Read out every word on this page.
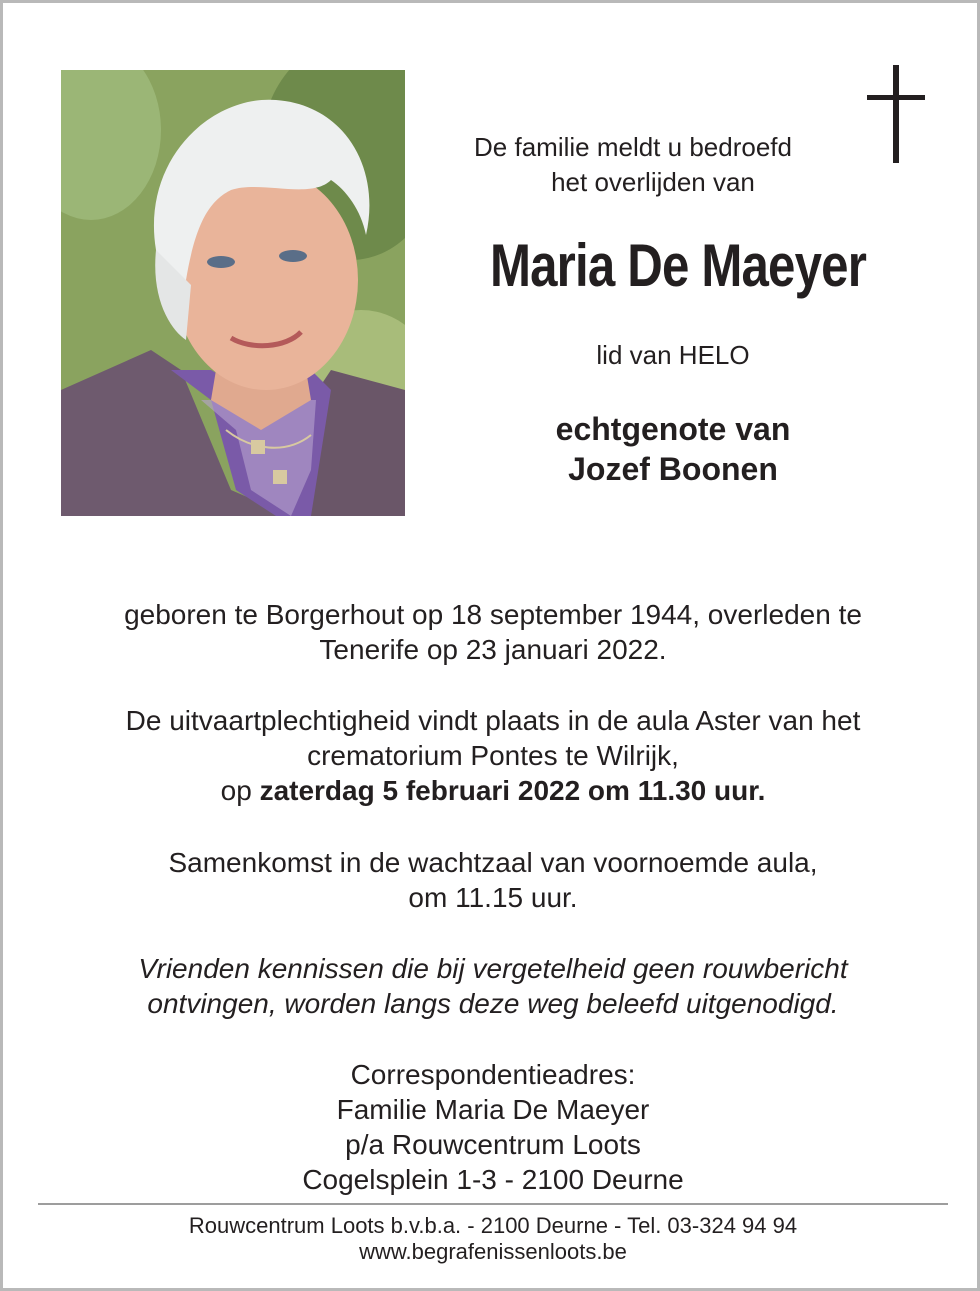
De familie meldt u bedroefd
het overlijden van
Maria De Maeyer
lid van HELO
echtgenote van
Jozef Boonen
geboren te Borgerhout op 18 september 1944, overleden te
Tenerife op 23 januari 2022.
De uitvaartplechtigheid vindt plaats in de aula Aster van het
crematorium Pontes te Wilrijk,
op zaterdag 5 februari 2022 om 11.30 uur.
Samenkomst in de wachtzaal van voornoemde aula,
om 11.15 uur.
Vrienden kennissen die bij vergetelheid geen rouwbericht
ontvingen, worden langs deze weg beleefd uitgenodigd.
Correspondentieadres:
Familie Maria De Maeyer
p/a Rouwcentrum Loots
Cogelsplein 1-3 - 2100 Deurne
Rouwcentrum Loots b.v.b.a. - 2100 Deurne - Tel. 03-324 94 94
www.begrafenissenloots.be
